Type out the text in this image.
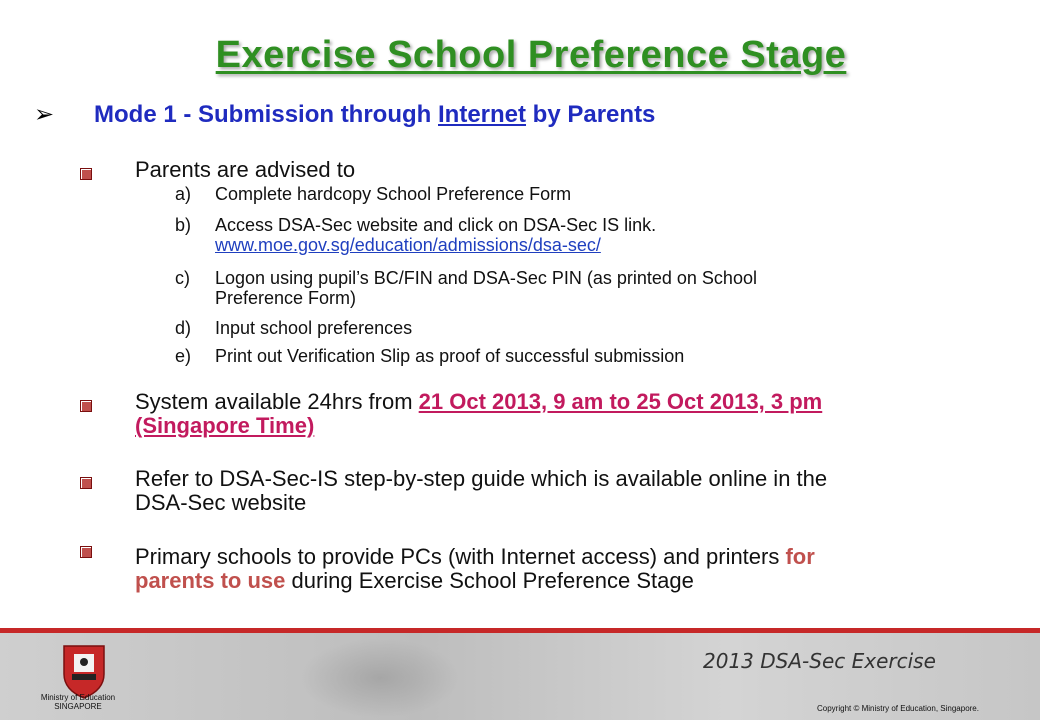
Exercise School Preference Stage
➢ Mode 1 - Submission through Internet by Parents
Parents are advised to
a)	Complete hardcopy School Preference Form
b)	Access DSA-Sec website and click on DSA-Sec IS link.
www.moe.gov.sg/education/admissions/dsa-sec/
c)	Logon using pupil’s BC/FIN and DSA-Sec PIN (as printed on School
Preference Form)
d)	Input school preferences
e)	Print out Verification Slip as proof of successful submission
System available 24hrs from 21 Oct 2013, 9 am to 25 Oct 2013, 3 pm
(Singapore Time)
Refer to DSA-Sec-IS step-by-step guide which is available online in the
DSA-Sec website
Primary schools to provide PCs (with Internet access) and printers for
parents to use during Exercise School Preference Stage
Ministry of Education SINGAPORE
2013 DSA-Sec Exercise
Copyright © Ministry of Education, Singapore.
